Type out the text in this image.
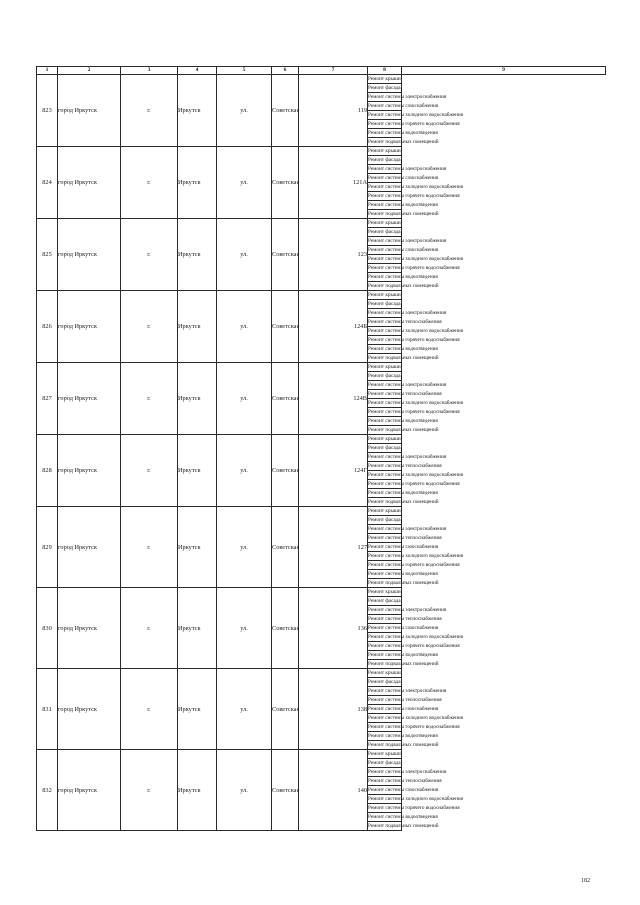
1	2	3	4	5	6	7	8	9
823	город Иркутск	г.	Иркутск	ул.	Советская	119	Ремонт крыши	
							Ремонт фасада	
							Ремонт системы электроснабжения	
							Ремонт системы газоснабжения	
							Ремонт системы холодного водоснабжения	
							Ремонт системы горячего водоснабжения	
							Ремонт системы водоотведения	
							Ремонт подвальных помещений	
824	город Иркутск	г.	Иркутск	ул.	Советская	121А	Ремонт крыши	
							Ремонт фасада	
							Ремонт системы электроснабжения	
							Ремонт системы газоснабжения	
							Ремонт системы холодного водоснабжения	
							Ремонт системы горячего водоснабжения	
							Ремонт системы водоотведения	
							Ремонт подвальных помещений	
825	город Иркутск	г.	Иркутск	ул.	Советская	123	Ремонт крыши	
							Ремонт фасада	
							Ремонт системы электроснабжения	
							Ремонт системы газоснабжения	
							Ремонт системы холодного водоснабжения	
							Ремонт системы горячего водоснабжения	
							Ремонт системы водоотведения	
							Ремонт подвальных помещений	
826	город Иркутск	г.	Иркутск	ул.	Советская	124Б	Ремонт крыши	
							Ремонт фасада	
							Ремонт системы электроснабжения	
							Ремонт системы теплоснабжения	
							Ремонт системы холодного водоснабжения	
							Ремонт системы горячего водоснабжения	
							Ремонт системы водоотведения	
							Ремонт подвальных помещений	
827	город Иркутск	г.	Иркутск	ул.	Советская	124В	Ремонт крыши	
							Ремонт фасада	
							Ремонт системы электроснабжения	
							Ремонт системы теплоснабжения	
							Ремонт системы холодного водоснабжения	
							Ремонт системы горячего водоснабжения	
							Ремонт системы водоотведения	
							Ремонт подвальных помещений	
828	город Иркутск	г.	Иркутск	ул.	Советская	124Г	Ремонт крыши	
							Ремонт фасада	
							Ремонт системы электроснабжения	
							Ремонт системы теплоснабжения	
							Ремонт системы холодного водоснабжения	
							Ремонт системы горячего водоснабжения	
							Ремонт системы водоотведения	
							Ремонт подвальных помещений	
829	город Иркутск	г.	Иркутск	ул.	Советская	127	Ремонт крыши	
							Ремонт фасада	
							Ремонт системы электроснабжения	
							Ремонт системы теплоснабжения	
							Ремонт системы газоснабжения	
							Ремонт системы холодного водоснабжения	
							Ремонт системы горячего водоснабжения	
							Ремонт системы водоотведения	
							Ремонт подвальных помещений	
830	город Иркутск	г.	Иркутск	ул.	Советская	136	Ремонт крыши	
							Ремонт фасада	
							Ремонт системы электроснабжения	
							Ремонт системы теплоснабжения	
							Ремонт системы газоснабжения	
							Ремонт системы холодного водоснабжения	
							Ремонт системы горячего водоснабжения	
							Ремонт системы водоотведения	
							Ремонт подвальных помещений	
831	город Иркутск	г.	Иркутск	ул.	Советская	138	Ремонт крыши	
							Ремонт фасада	
							Ремонт системы электроснабжения	
							Ремонт системы теплоснабжения	
							Ремонт системы газоснабжения	
							Ремонт системы холодного водоснабжения	
							Ремонт системы горячего водоснабжения	
							Ремонт системы водоотведения	
							Ремонт подвальных помещений	
832	город Иркутск	г.	Иркутск	ул.	Советская	140	Ремонт крыши	
							Ремонт фасада	
							Ремонт системы электроснабжения	
							Ремонт системы теплоснабжения	
							Ремонт системы газоснабжения	
							Ремонт системы холодного водоснабжения	
							Ремонт системы горячего водоснабжения	
							Ремонт системы водоотведения	
							Ремонт подвальных помещений	
182
